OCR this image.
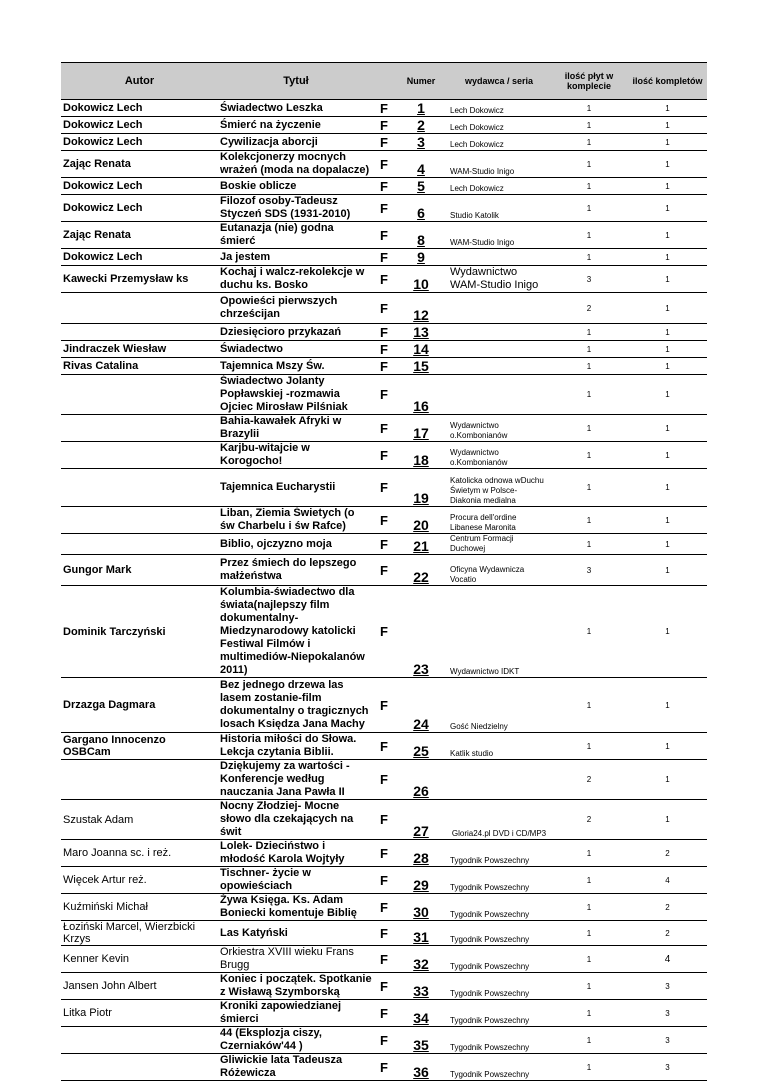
Autor	Tytuł		Numer	wydawca / seria	ilość płyt w komplecie	ilość kompletów
Dokowicz Lech	Świadectwo Leszka	F	1	Lech Dokowicz	1	1
Dokowicz Lech	Śmierć na życzenie	F	2	Lech Dokowicz	1	1
Dokowicz Lech	Cywilizacja aborcji	F	3	Lech Dokowicz	1	1
Zając Renata	Kolekcjonerzy mocnych wrażeń (moda na dopalacze)	F	4	WAM-Studio Inigo	1	1
Dokowicz Lech	Boskie oblicze	F	5	Lech Dokowicz	1	1
Dokowicz Lech	Filozof osoby-Tadeusz Styczeń SDS (1931-2010)	F	6	Studio Katolik	1	1
Zając Renata	Eutanazja (nie) godna śmierć	F	8	WAM-Studio Inigo	1	1
Dokowicz Lech	Ja jestem	F	9		1	1
Kawecki Przemysław ks	Kochaj i walcz-rekolekcje w duchu ks. Bosko	F	10	Wydawnictwo WAM-Studio Inigo	3	1
	Opowieści pierwszych chrześcijan	F	12		2	1
	Dziesięcioro przykazań	F	13		1	1
Jindraczek Wiesław	Świadectwo	F	14		1	1
Rivas Catalina	Tajemnica Mszy Św.	F	15		1	1
	Świadectwo Jolanty Popławskiej -rozmawia Ojciec Mirosław Pilśniak	F	16		1	1
	Bahia-kawałek Afryki w Brazylii	F	17	Wydawnictwo o.Kombonianów	1	1
	Karjbu-witajcie w Korogocho!	F	18	Wydawnictwo o.Kombonianów	1	1
	Tajemnica Eucharystii	F	19	Katolicka odnowa wDuchu Świetym w Polsce-Diakonia medialna	1	1
	Liban, Ziemia Świetych (o św Charbelu i św Rafce)	F	20	Procura dell'ordine Libanese Maronita	1	1
	Biblio, ojczyzno moja	F	21	Centrum Formacji Duchowej	1	1
Gungor Mark	Przez śmiech do lepszego małżeństwa	F	22	Oficyna Wydawnicza Vocatio	3	1
Dominik Tarczyński	Kolumbia-świadectwo dla świata(najlepszy film dokumentalny-Miedzynarodowy katolicki Festiwal Filmów i multimediów-Niepokalanów 2011)	F	23	Wydawnictwo IDKT	1	1
Drzazga Dagmara	Bez jednego drzewa las lasem zostanie-film dokumentalny o tragicznych losach Księdza Jana Machy	F	24	Gość Niedzielny	1	1
Gargano Innocenzo OSBCam	Historia miłości do Słowa. Lekcja czytania Biblii.	F	25	Katlik studio	1	1
	Dziękujemy za wartości - Konferencje według nauczania Jana Pawła II	F	26		2	1
Szustak Adam	Nocny Złodziej- Mocne słowo dla czekających na świt	F	27	Gloria24.pl DVD i CD/MP3	2	1
Maro Joanna sc. i reż.	Lolek- Dzieciństwo i młodość Karola Wojtyły	F	28	Tygodnik Powszechny	1	2
Więcek Artur reż.	Tischner- życie w opowieściach	F	29	Tygodnik Powszechny	1	4
Kuźmiński Michał	Żywa Księga. Ks. Adam Boniecki komentuje Biblię	F	30	Tygodnik Powszechny	1	2
Łoziński Marcel, Wierzbicki Krzys	Las Katyński	F	31	Tygodnik Powszechny	1	2
Kenner Kevin	Orkiestra XVIII wieku Frans Brugg	F	32	Tygodnik Powszechny	1	4
Jansen John Albert	Koniec i początek. Spotkanie z Wisławą Szymborską	F	33	Tygodnik Powszechny	1	3
Litka Piotr	Kroniki zapowiedzianej śmierci	F	34	Tygodnik Powszechny	1	3
	44 (Eksplozja ciszy, Czerniaków'44 )	F	35	Tygodnik Powszechny	1	3
	Gliwickie lata Tadeusza Różewicza	F	36	Tygodnik Powszechny	1	3
